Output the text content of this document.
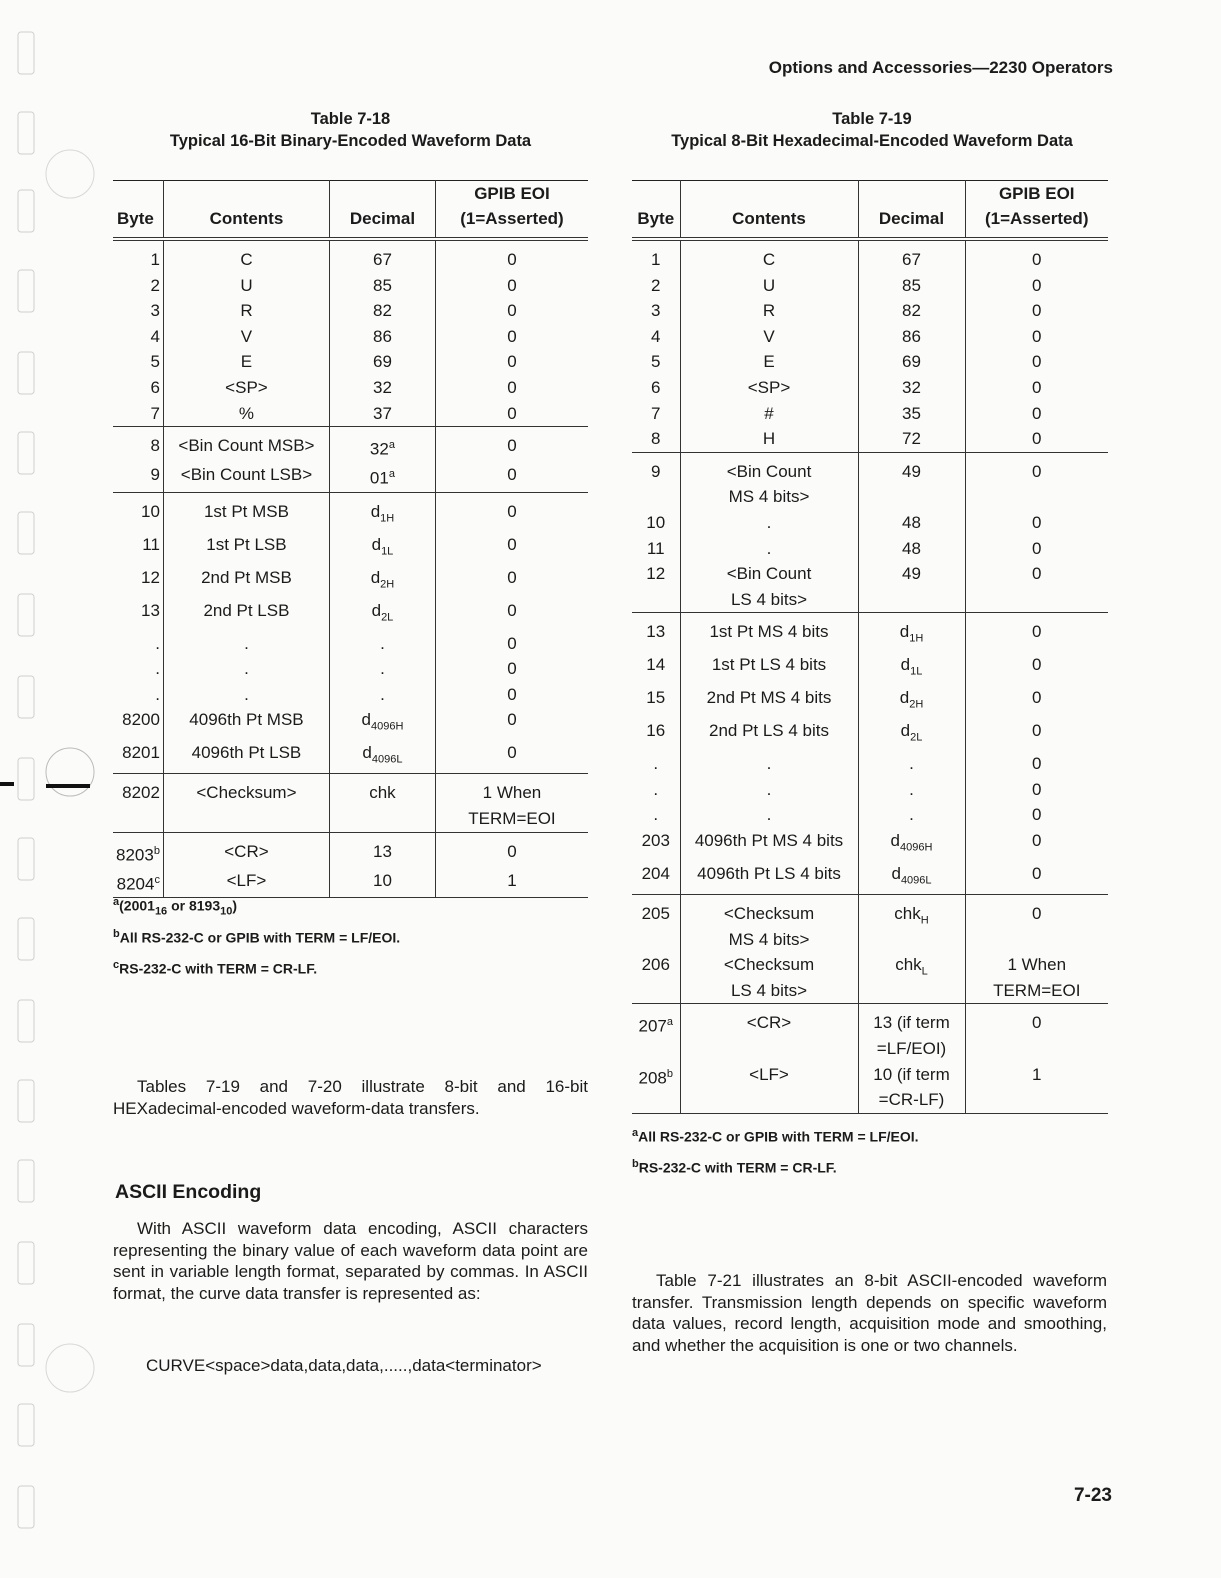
Options and Accessories—2230 Operators
Table 7-18
Typical 16-Bit Binary-Encoded Waveform Data
Byte	Contents	Decimal	GPIB EOI
(1=Asserted)
1	C	67	0
2	U	85	0
3	R	82	0
4	V	86	0
5	E	69	0
6	<SP>	32	0
7	%	37	0
8	<Bin Count MSB>	$32^a$	0
9	<Bin Count LSB>	$01^a$	0
10	1st Pt MSB	$d_{1H}$	0
11	1st Pt LSB	$d_{1L}$	0
12	2nd Pt MSB	$d_{2H}$	0
13	2nd Pt LSB	$d_{2L}$	0
.	.	.	0
.	.	.	0
.	.	.	0
8200	4096th Pt MSB	$d_{4096H}$	0
8201	4096th Pt LSB	$d_{4096L}$	0
8202	<Checksum>	chk	1 When
TERM=EOI
$8203^b$	<CR>	13	0
$8204^c$	<LF>	10	1
Table 7-19
Typical 8-Bit Hexadecimal-Encoded Waveform Data
Byte	Contents	Decimal	GPIB EOI
(1=Asserted)
1	C	67	0
2	U	85	0
3	R	82	0
4	V	86	0
5	E	69	0
6	<SP>	32	0
7	#	35	0
8	H	72	0
9	<Bin Count
MS 4 bits>	49	0
10	.	48	0
11	.	48	0
12	<Bin Count
LS 4 bits>	49	0
13	1st Pt MS 4 bits	$d_{1H}$	0
14	1st Pt LS 4 bits	$d_{1L}$	0
15	2nd Pt MS 4 bits	$d_{2H}$	0
16	2nd Pt LS 4 bits	$d_{2L}$	0
.	.	.	0
.	.	.	0
.	.	.	0
203	4096th Pt MS 4 bits	$d_{4096H}$	0
204	4096th Pt LS 4 bits	$d_{4096L}$	0
205	<Checksum
MS 4 bits>	chk$_H$	0
206	<Checksum
LS 4 bits>	chk$_L$	1 When
TERM=EOI
$207^a$	<CR>	13 (if term
=LF/EOI)	0
$208^b$	<LF>	10 (if term
=CR-LF)	1
$^a(2001_{16}$ or $8193_{10}$)
$^b$All RS-232-C or GPIB with TERM = LF/EOI.
$^c$RS-232-C with TERM = CR-LF.
$^a$All RS-232-C or GPIB with TERM = LF/EOI.
$^b$RS-232-C with TERM = CR-LF.
Tables 7-19 and 7-20 illustrate 8-bit and 16-bit HEXadecimal-encoded waveform-data transfers.
ASCII Encoding
With ASCII waveform data encoding, ASCII characters representing the binary value of each waveform data point are sent in variable length format, separated by commas. In ASCII format, the curve data transfer is represented as:
CURVE<space>data,data,data,.....,data<terminator>
Table 7-21 illustrates an 8-bit ASCII-encoded waveform transfer. Transmission length depends on specific waveform data values, record length, acquisition mode and smoothing, and whether the acquisition is one or two channels.
7-23
